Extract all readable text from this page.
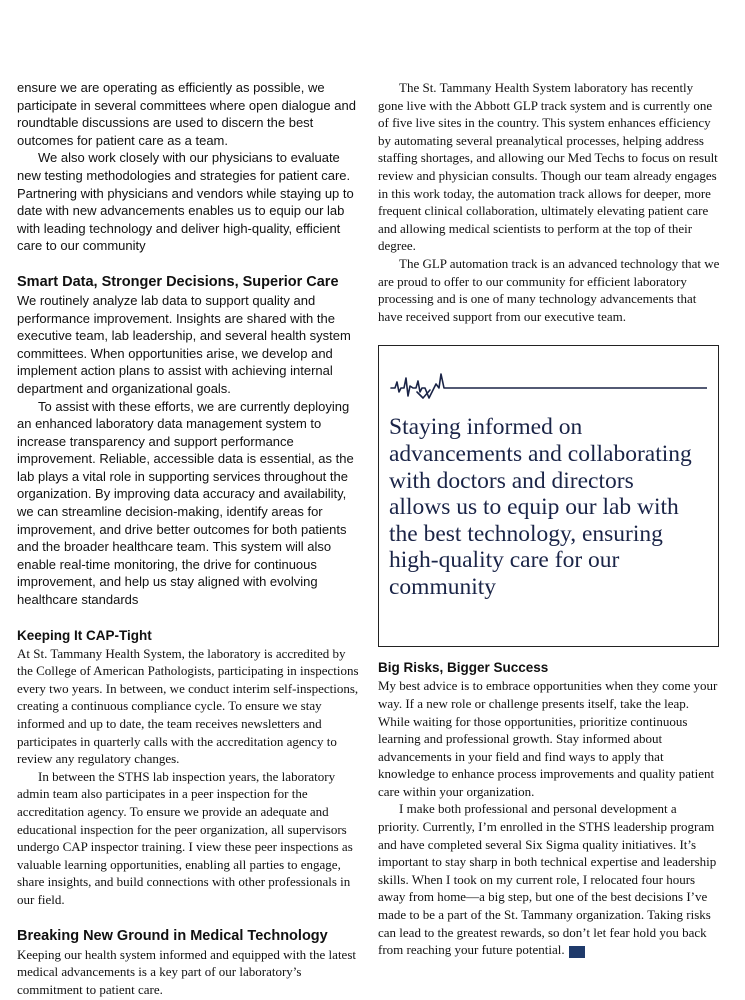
ensure we are operating as efficiently as possible, we participate in several committees where open dialogue and roundtable discussions are used to discern the best outcomes for patient care as a team.

We also work closely with our physicians to evaluate new testing methodologies and strategies for patient care. Partnering with physicians and vendors while staying up to date with new advancements enables us to equip our lab with leading technology and deliver high-quality, efficient care to our community

Smart Data, Stronger Decisions, Superior Care

We routinely analyze lab data to support quality and performance improvement. Insights are shared with the executive team, lab leadership, and several health system committees. When opportunities arise, we develop and implement action plans to assist with achieving internal department and organizational goals.

To assist with these efforts, we are currently deploying an enhanced laboratory data management system to increase transparency and support performance improvement. Reliable, accessible data is essential, as the lab plays a vital role in supporting services throughout the organization. By improving data accuracy and availability, we can streamline decision-making, identify areas for improvement, and drive better outcomes for both patients and the broader healthcare team. This system will also enable real-time monitoring, the drive for continuous improvement, and help us stay aligned with evolving healthcare standards

Keeping It CAP-Tight

At St. Tammany Health System, the laboratory is accredited by the College of American Pathologists, participating in inspections every two years. In between, we conduct interim self-inspections, creating a continuous compliance cycle. To ensure we stay informed and up to date, the team receives newsletters and participates in quarterly calls with the accreditation agency to review any regulatory changes.

In between the STHS lab inspection years, the laboratory admin team also participates in a peer inspection for the accreditation agency. To ensure we provide an adequate and educational inspection for the peer organization, all supervisors undergo CAP inspector training. I view these peer inspections as valuable learning opportunities, enabling all parties to engage, share insights, and build connections with other professionals in our field.

Breaking New Ground in Medical Technology

Keeping our health system informed and equipped with the latest medical advancements is a key part of our laboratory’s commitment to patient care.

The St. Tammany Health System laboratory has recently gone live with the Abbott GLP track system and is currently one of five live sites in the country. This system enhances efficiency by automating several preanalytical processes, helping address staffing shortages, and allowing our Med Techs to focus on result review and physician consults. Though our team already engages in this work today, the automation track allows for deeper, more frequent clinical collaboration, ultimately elevating patient care and allowing medical scientists to perform at the top of their degree.

The GLP automation track is an advanced technology that we are proud to offer to our community for efficient laboratory processing and is one of many technology advancements that have received support from our executive team.

Staying informed on advancements and collaborating with doctors and directors allows us to equip our lab with the best technology, ensuring high-quality care for our community
Big Risks, Bigger Success

My best advice is to embrace opportunities when they come your way. If a new role or challenge presents itself, take the leap. While waiting for those opportunities, prioritize continuous learning and professional growth. Stay informed about advancements in your field and find ways to apply that knowledge to enhance process improvements and quality patient care within your organization.

I make both professional and personal development a priority. Currently, I’m enrolled in the STHS leadership program and have completed several Six Sigma quality initiatives. It’s important to stay sharp in both technical expertise and leadership skills. When I took on my current role, I relocated four hours away from home—a big step, but one of the best decisions I’ve made to be a part of the St. Tammany organization. Taking risks can lead to the greatest rewards, so don’t let fear hold you back from reaching your future potential.	LS
